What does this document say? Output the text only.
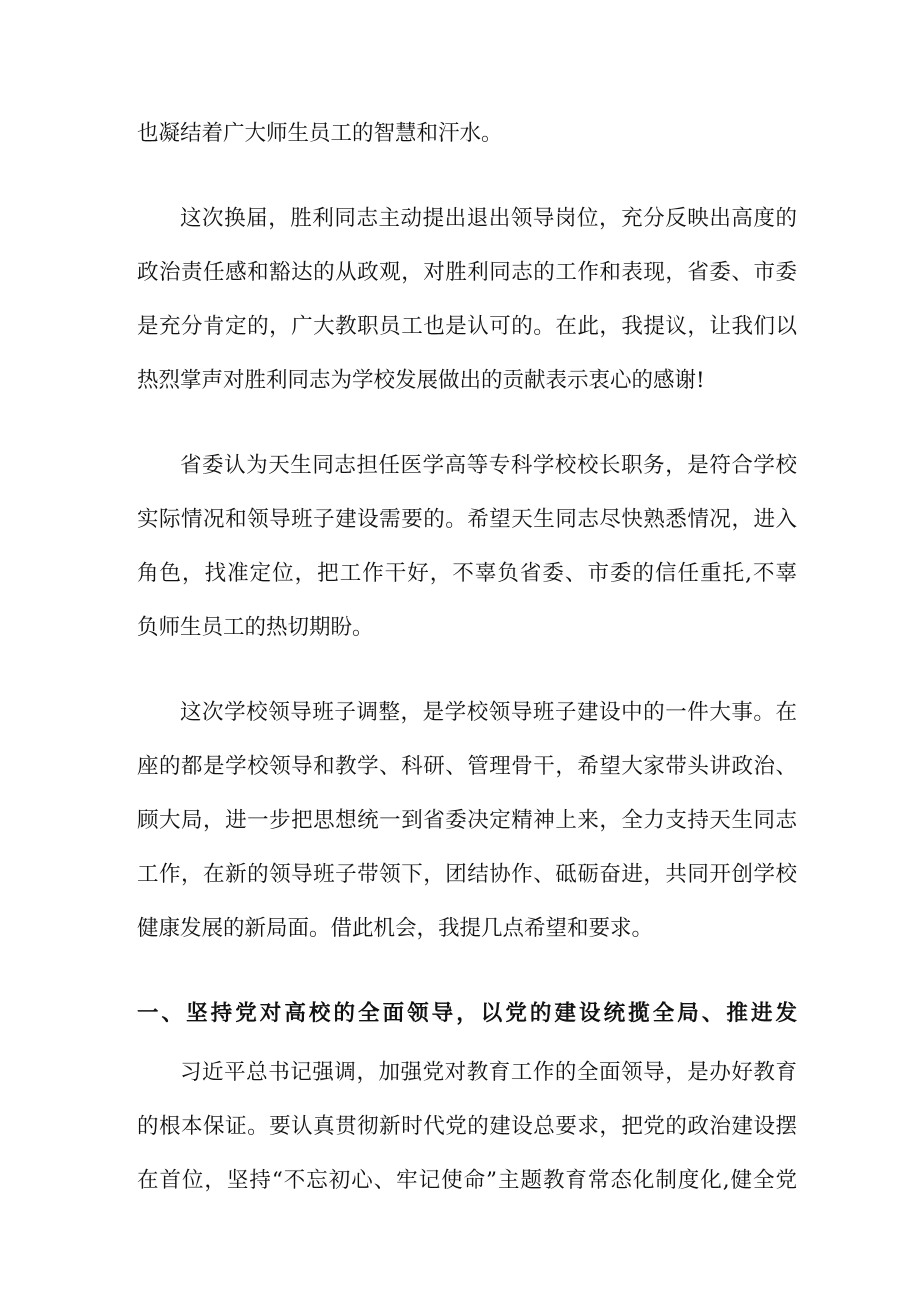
也凝结着广大师生员工的智慧和汗水。
这次换届，胜利同志主动提出退出领导岗位，充分反映出高度的
政治责任感和豁达的从政观，对胜利同志的工作和表现，省委、市委
是充分肯定的，广大教职员工也是认可的。在此，我提议，让我们以
热烈掌声对胜利同志为学校发展做出的贡献表示衷心的感谢!
省委认为天生同志担任医学高等专科学校校长职务，是符合学校
实际情况和领导班子建设需要的。希望天生同志尽快熟悉情况，进入
角色，找准定位，把工作干好，不辜负省委、市委的信任重托,不辜
负师生员工的热切期盼。
这次学校领导班子调整，是学校领导班子建设中的一件大事。在
座的都是学校领导和教学、科研、管理骨干，希望大家带头讲政治、
顾大局，进一步把思想统一到省委决定精神上来，全力支持天生同志
工作，在新的领导班子带领下，团结协作、砥砺奋进，共同开创学校
健康发展的新局面。借此机会，我提几点希望和要求。
一、坚持党对高校的全面领导，以党的建设统揽全局、推进发
习近平总书记强调，加强党对教育工作的全面领导，是办好教育
的根本保证。要认真贯彻新时代党的建设总要求，把党的政治建设摆
在首位，坚持“不忘初心、牢记使命”主题教育常态化制度化,健全党
